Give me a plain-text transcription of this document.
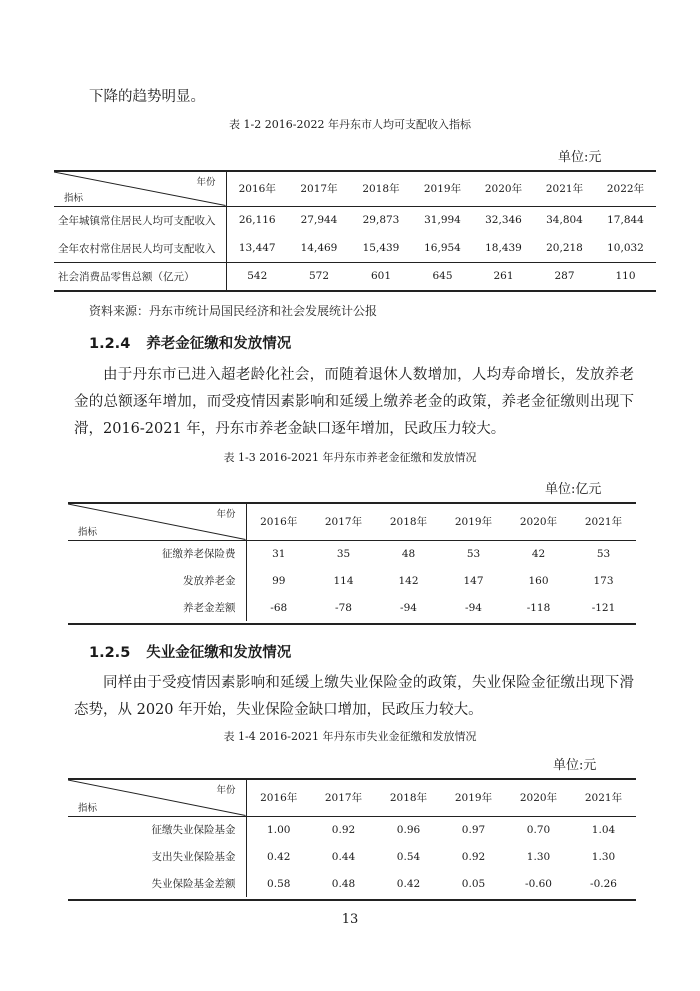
下降的趋势明显。
表 1-2 2016-2022 年丹东市人均可支配收入指标
单位:元
年份
指标	2016年	2017年	2018年	2019年	2020年	2021年	2022年
全年城镇常住居民人均可支配收入	26,116	27,944	29,873	31,994	32,346	34,804	17,844
全年农村常住居民人均可支配收入	13,447	14,469	15,439	16,954	18,439	20,218	10,032
社会消费品零售总额（亿元）	542	572	601	645	261	287	110
资料来源：丹东市统计局国民经济和社会发展统计公报
1.2.4 养老金征缴和发放情况
由于丹东市已进入超老龄化社会，而随着退休人数增加，人均寿命增长，发放养老金的总额逐年增加，而受疫情因素影响和延缓上缴养老金的政策，养老金征缴则出现下滑，2016-2021 年，丹东市养老金缺口逐年增加，民政压力较大。
表 1-3 2016-2021 年丹东市养老金征缴和发放情况
单位:亿元
年份
指标	2016年	2017年	2018年	2019年	2020年	2021年
征缴养老保险费	31	35	48	53	42	53
发放养老金	99	114	142	147	160	173
养老金差额	-68	-78	-94	-94	-118	-121
1.2.5 失业金征缴和发放情况
同样由于受疫情因素影响和延缓上缴失业保险金的政策，失业保险金征缴出现下滑态势，从 2020 年开始，失业保险金缺口增加，民政压力较大。
表 1-4 2016-2021 年丹东市失业金征缴和发放情况
单位:元
年份
指标	2016年	2017年	2018年	2019年	2020年	2021年
征缴失业保险基金	1.00	0.92	0.96	0.97	0.70	1.04
支出失业保险基金	0.42	0.44	0.54	0.92	1.30	1.30
失业保险基金差额	0.58	0.48	0.42	0.05	-0.60	-0.26
13
